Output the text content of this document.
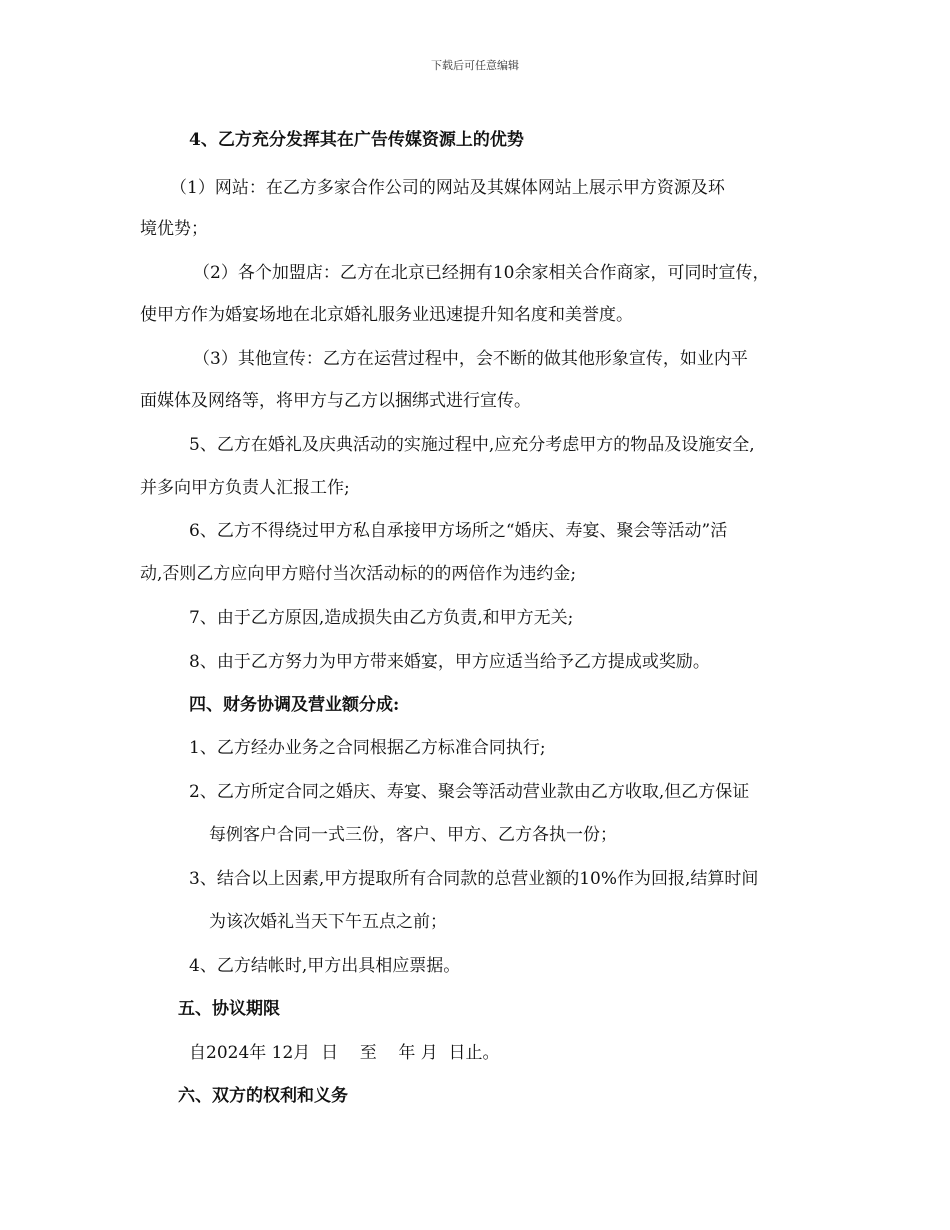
下载后可任意编辑
4、乙方充分发挥其在广告传媒资源上的优势
（1）网站：在乙方多家合作公司的网站及其媒体网站上展示甲方资源及环
境优势；
（2）各个加盟店：乙方在北京已经拥有10余家相关合作商家，可同时宣传，
使甲方作为婚宴场地在北京婚礼服务业迅速提升知名度和美誉度。
（3）其他宣传：乙方在运营过程中，会不断的做其他形象宣传，如业内平
面媒体及网络等，将甲方与乙方以捆绑式进行宣传。
5、乙方在婚礼及庆典活动的实施过程中,应充分考虑甲方的物品及设施安全,
并多向甲方负责人汇报工作;
6、乙方不得绕过甲方私自承接甲方场所之“婚庆、寿宴、聚会等活动”活
动,否则乙方应向甲方赔付当次活动标的的两倍作为违约金;
7、由于乙方原因,造成损失由乙方负责,和甲方无关;
8、由于乙方努力为甲方带来婚宴，甲方应适当给予乙方提成或奖励。
四、财务协调及营业额分成:
1、乙方经办业务之合同根据乙方标准合同执行;
2、乙方所定合同之婚庆、寿宴、聚会等活动营业款由乙方收取,但乙方保证
每例客户合同一式三份，客户、甲方、乙方各执一份；
3、结合以上因素,甲方提取所有合同款的总营业额的10%作为回报,结算时间
为该次婚礼当天下午五点之前；
4、乙方结帐时,甲方出具相应票据。
五、协议期限
自2024年 12月  日    至    年 月  日止。
六、双方的权利和义务
